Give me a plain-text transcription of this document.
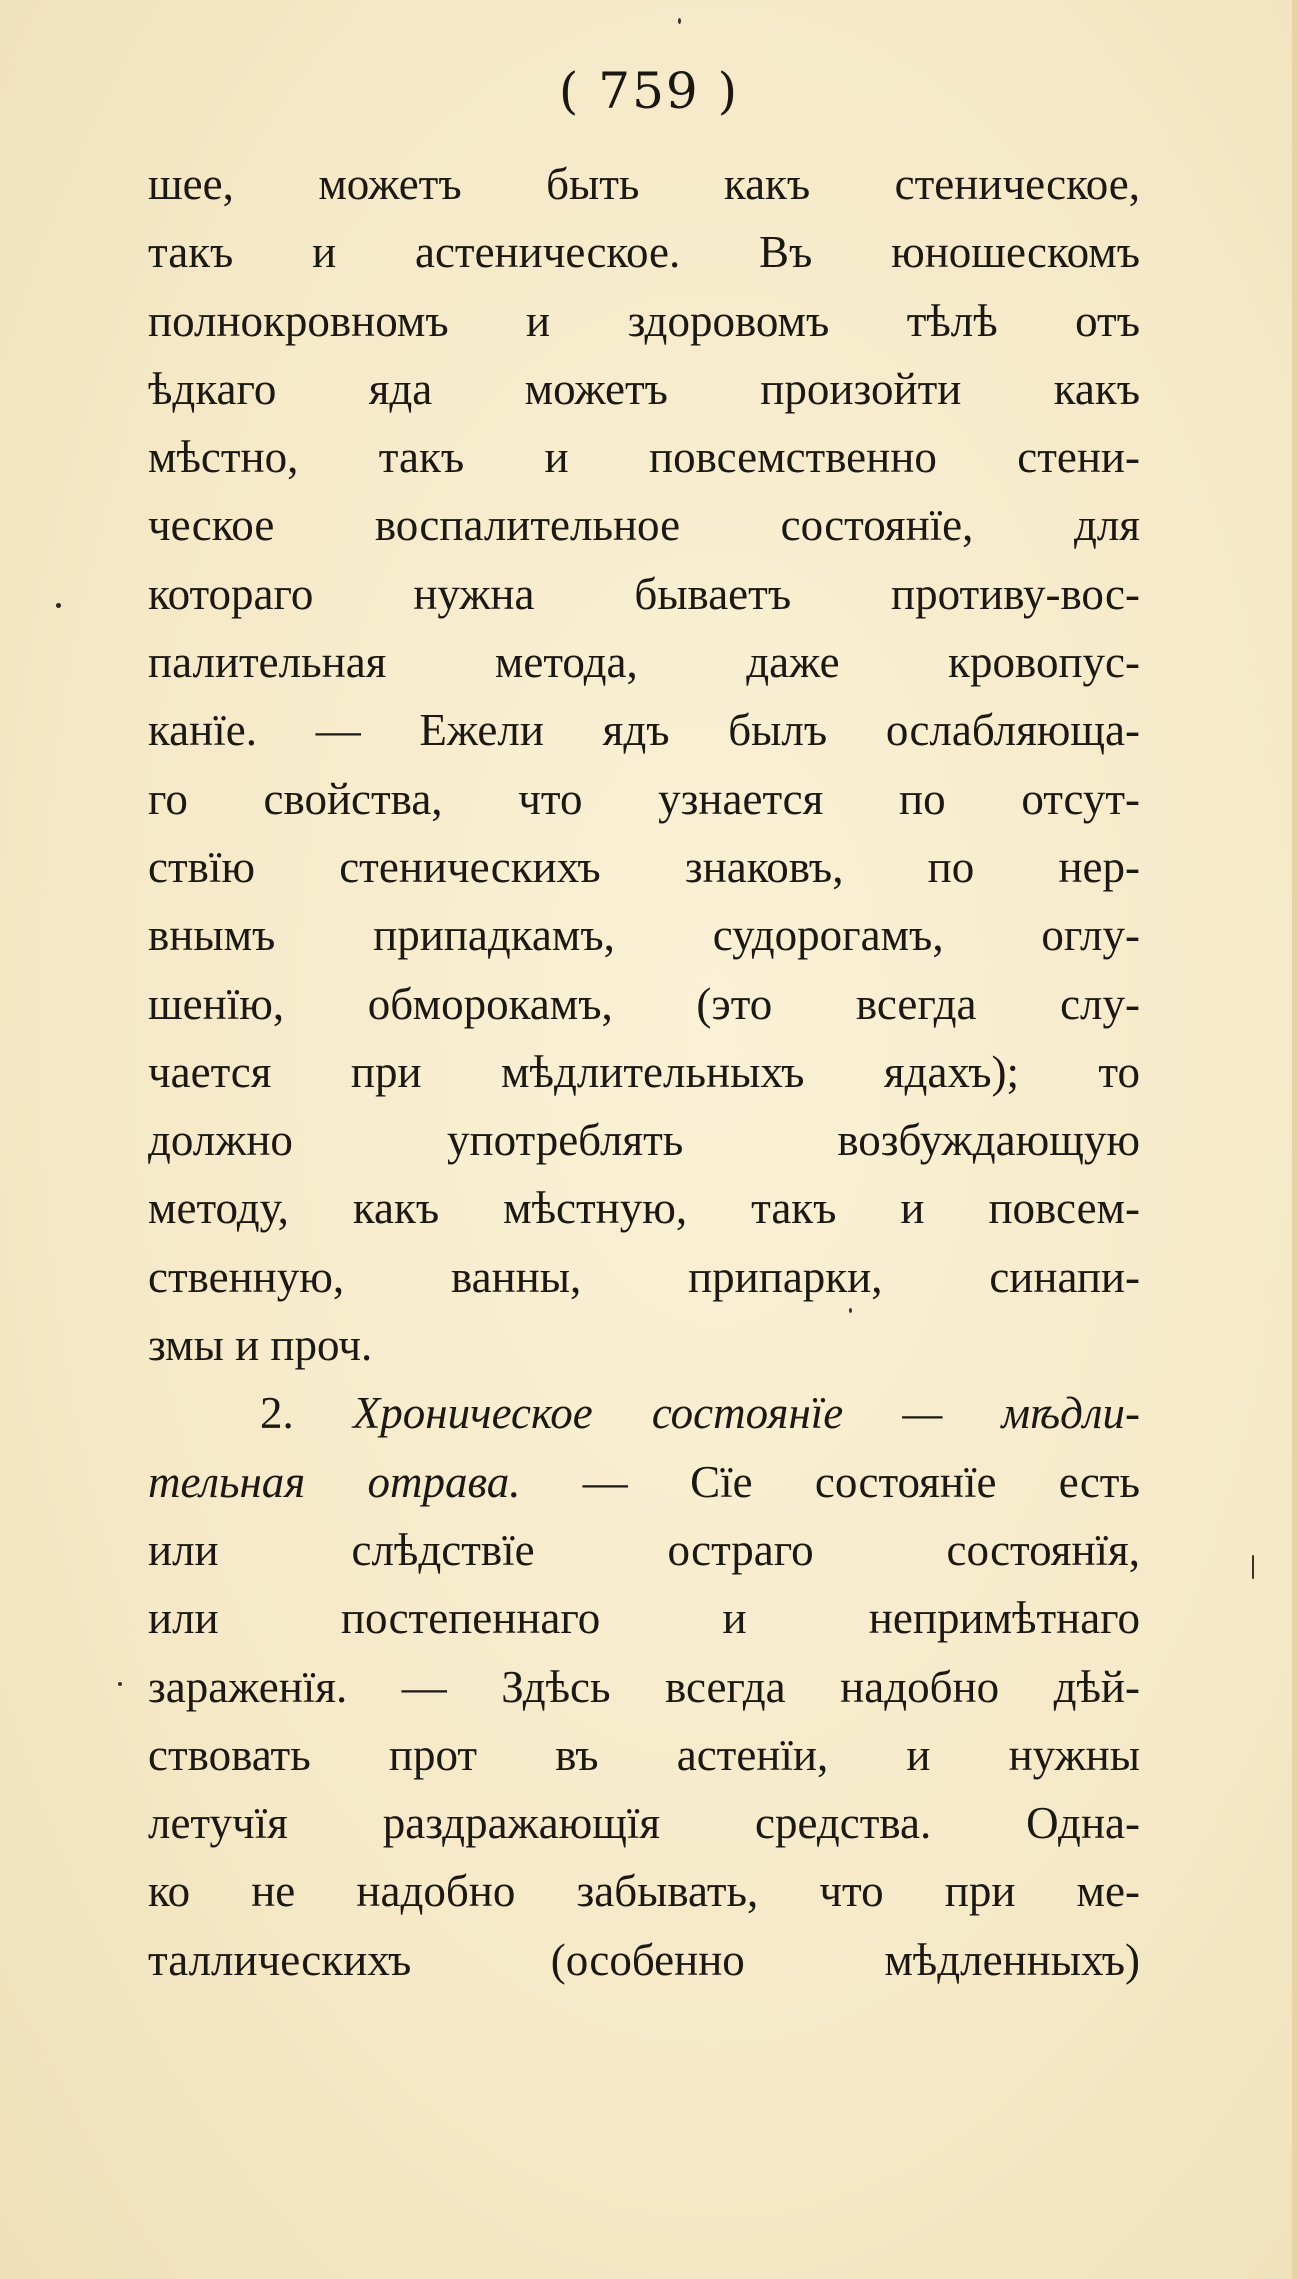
( 759 )
шее, можетъ быть какъ стеническое,
такъ и астеническое. Въ юношескомъ
полнокровномъ и здоровомъ тѣлѣ отъ
ѣдкаго яда можетъ произойти какъ
мѣстно, такъ и повсемственно стени-
ческое воспалительное состоянїе, для
котораго нужна бываетъ противу-вос-
палительная метода, даже кровопус-
канїе. — Ежели ядъ былъ ослабляюща-
го свойства, что узнается по отсут-
ствїю стеническихъ знаковъ, по нер-
внымъ припадкамъ, судорогамъ, оглу-
шенїю, обморокамъ, (это всегда слу-
чается при мѣдлительныхъ ядахъ); то
должно употреблять возбуждающую
методу, какъ мѣстную, такъ и повсем-
ственную, ванны, припарки, синапи-
змы и проч.
2. Хроническое состоянїе — мѣдли-
тельная отрава. — Сїе состоянїе есть
или слѣдствїе остраго состоянїя,
или постепеннаго и непримѣтнаго
зараженїя. — Здѣсь всегда надобно дѣй-
ствовать прот въ астенїи, и нужны
летучїя раздражающїя средства. Одна-
ко не надобно забывать, что при ме-
таллическихъ (особенно мѣдленныхъ)
